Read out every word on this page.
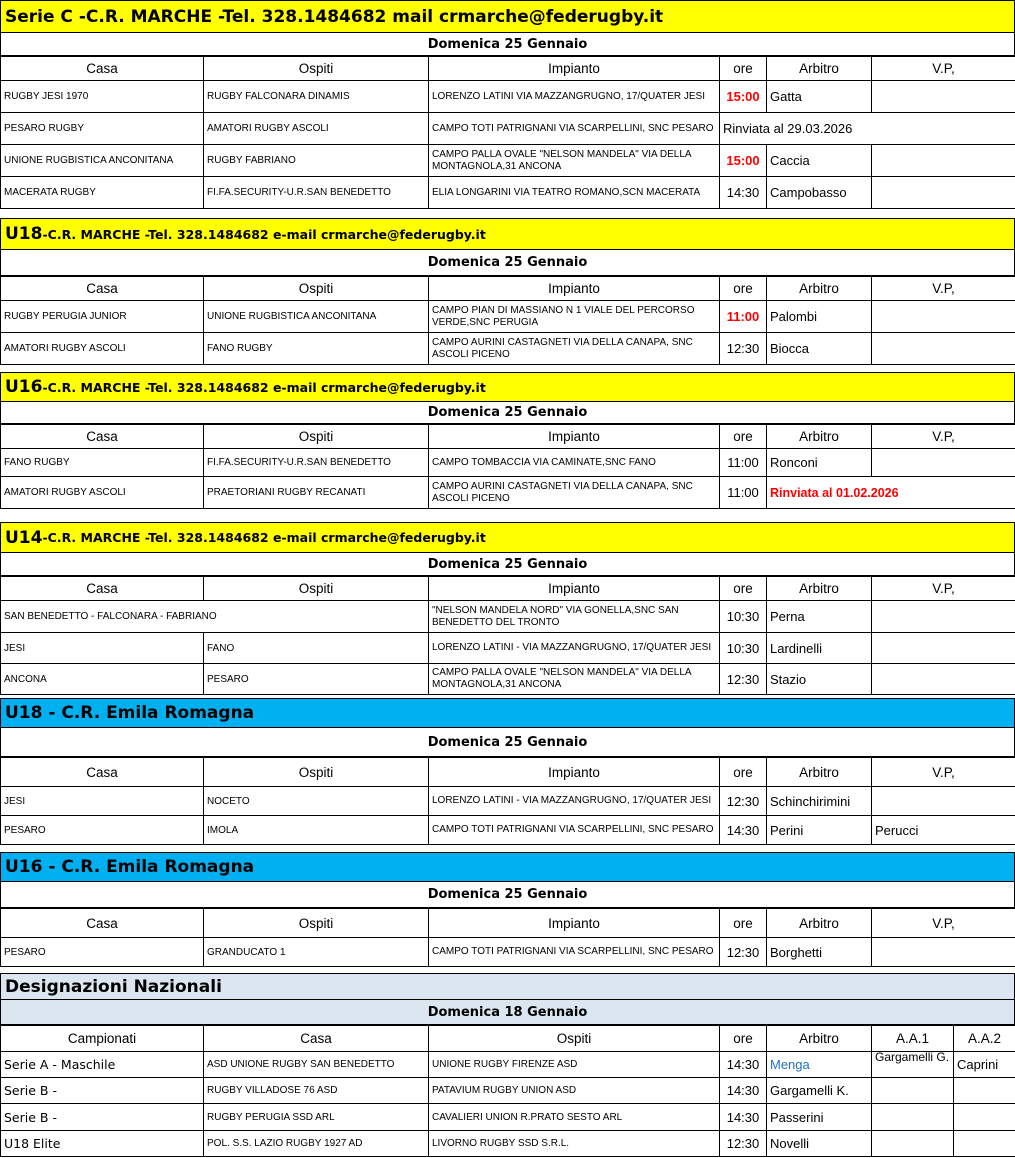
Serie C -C.R. MARCHE -Tel. 328.1484682 mail crmarche@federugby.it
Domenica 25 Gennaio
Casa	Ospiti	Impianto	ore	Arbitro	V.P,
RUGBY JESI 1970	RUGBY FALCONARA DINAMIS	LORENZO LATINI VIA MAZZANGRUGNO, 17/QUATER JESI	15:00	Gatta	
PESARO RUGBY	AMATORI RUGBY ASCOLI	CAMPO TOTI PATRIGNANI VIA SCARPELLINI, SNC PESARO	Rinviata al 29.03.2026		
UNIONE RUGBISTICA ANCONITANA	RUGBY FABRIANO	CAMPO PALLA OVALE "NELSON MANDELA" VIA DELLA MONTAGNOLA,31 ANCONA	15:00	Caccia	
MACERATA RUGBY	FI.FA.SECURITY-U.R.SAN BENEDETTO	ELIA LONGARINI VIA TEATRO ROMANO,SCN MACERATA	14:30	Campobasso	
U18 -C.R. MARCHE -Tel. 328.1484682 e-mail crmarche@federugby.it
Domenica 25 Gennaio
Casa	Ospiti	Impianto	ore	Arbitro	V.P,
RUGBY PERUGIA JUNIOR	UNIONE RUGBISTICA ANCONITANA	CAMPO PIAN DI MASSIANO N 1 VIALE DEL PERCORSO VERDE,SNC PERUGIA	11:00	Palombi	
AMATORI RUGBY ASCOLI	FANO RUGBY	CAMPO AURINI CASTAGNETI VIA DELLA CANAPA, SNC ASCOLI PICENO	12:30	Biocca	
U16 -C.R. MARCHE -Tel. 328.1484682 e-mail crmarche@federugby.it
Domenica 25 Gennaio
Casa	Ospiti	Impianto	ore	Arbitro	V.P,
FANO RUGBY	FI.FA.SECURITY-U.R.SAN BENEDETTO	CAMPO TOMBACCIA VIA CAMINATE,SNC FANO	11:00	Ronconi	
AMATORI RUGBY ASCOLI	PRAETORIANI RUGBY RECANATI	CAMPO AURINI CASTAGNETI VIA DELLA CANAPA, SNC ASCOLI PICENO	11:00	Rinviata al 01.02.2026	
U14 -C.R. MARCHE -Tel. 328.1484682 e-mail crmarche@federugby.it
Domenica 25 Gennaio
Casa	Ospiti	Impianto	ore	Arbitro	V.P,
SAN BENEDETTO - FALCONARA - FABRIANO		"NELSON MANDELA NORD" VIA GONELLA,SNC SAN BENEDETTO DEL TRONTO	10:30	Perna	
JESI	FANO	LORENZO LATINI - VIA MAZZANGRUGNO, 17/QUATER JESI	10:30	Lardinelli	
ANCONA	PESARO	CAMPO PALLA OVALE "NELSON MANDELA" VIA DELLA MONTAGNOLA,31 ANCONA	12:30	Stazio	
U18 - C.R. Emila Romagna
Domenica 25 Gennaio
Casa	Ospiti	Impianto	ore	Arbitro	V.P,
JESI	NOCETO	LORENZO LATINI - VIA MAZZANGRUGNO, 17/QUATER JESI	12:30	Schinchirimini	
PESARO	IMOLA	CAMPO TOTI PATRIGNANI VIA SCARPELLINI, SNC PESARO	14:30	Perini	Perucci
U16 - C.R. Emila Romagna
Domenica 25 Gennaio
Casa	Ospiti	Impianto	ore	Arbitro	V.P,
PESARO	GRANDUCATO 1	CAMPO TOTI PATRIGNANI VIA SCARPELLINI, SNC PESARO	12:30	Borghetti	
Designazioni Nazionali
Domenica 18 Gennaio
Campionati	Casa	Ospiti	ore	Arbitro	A.A.1	A.A.2
Serie A - Maschile	ASD UNIONE RUGBY SAN BENEDETTO	UNIONE RUGBY FIRENZE ASD	14:30	Menga	Gargamelli G.	Caprini
Serie B -	RUGBY VILLADOSE 76 ASD	PATAVIUM RUGBY UNION ASD	14:30	Gargamelli K.		
Serie B -	RUGBY PERUGIA SSD ARL	CAVALIERI UNION R.PRATO SESTO ARL	14:30	Passerini		
U18 Elite	POL. S.S. LAZIO RUGBY 1927 AD	LIVORNO RUGBY SSD S.R.L.	12:30	Novelli		
